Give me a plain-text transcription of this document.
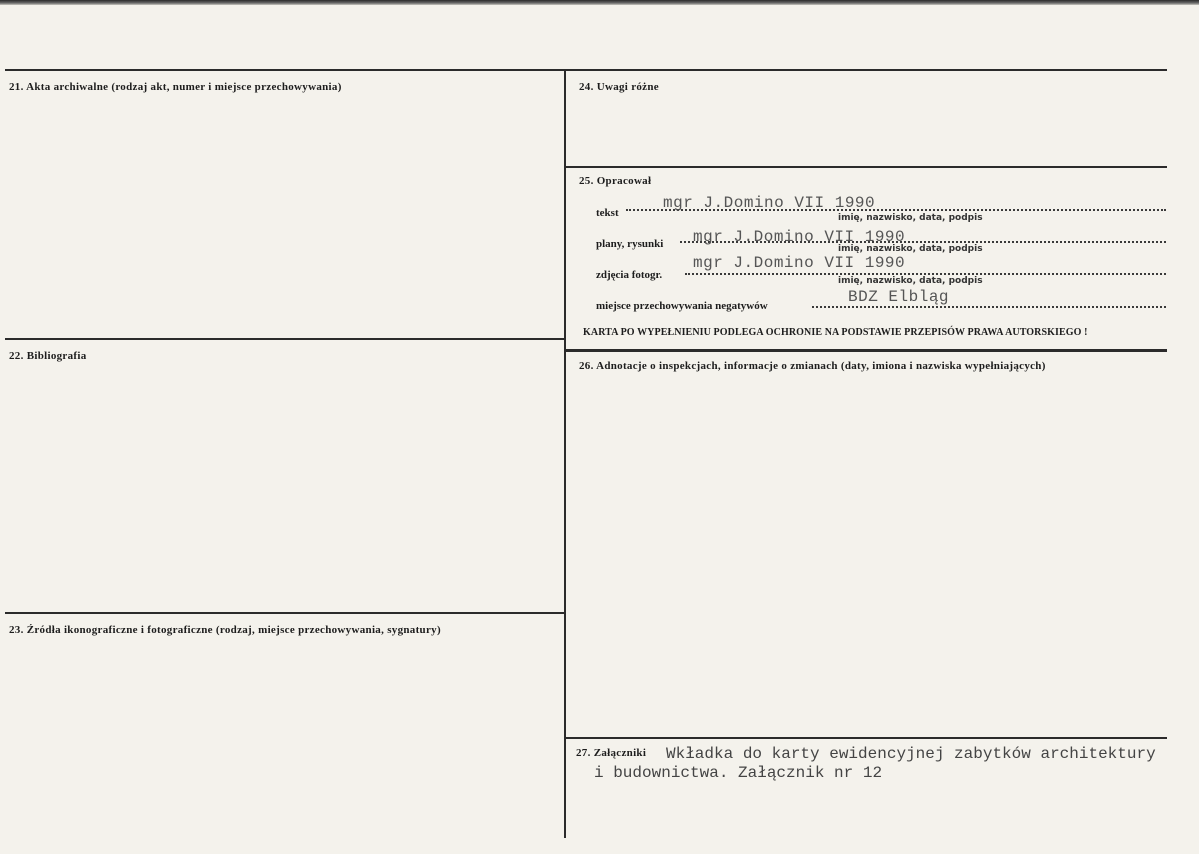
21. Akta archiwalne (rodzaj akt, numer i miejsce przechowywania)
22. Bibliografia
23. Źródła ikonograficzne i fotograficzne (rodzaj, miejsce przechowywania, sygnatury)
24. Uwagi różne
25. Opracował
tekst
mgr J.Domino VII 1990
imię, nazwisko, data, podpis
plany, rysunki mgr J.Domino VII 1990
imię, nazwisko, data, podpis
zdjęcia fotogr.
mgr J.Domino VII 1990
imię, nazwisko, data, podpis
miejsce przechowywania negatywów	BDZ Elbląg
KARTA PO WYPEŁNIENIU PODLEGA OCHRONIE NA PODSTAWIE PRZEPISÓW PRAWA AUTORSKIEGO !
26. Adnotacje o inspekcjach, informacje o zmianach (daty, imiona i nazwiska wypełniających)
27. Załączniki Wkładka do karty ewidencyjnej zabytków architektury
i budownictwa. Załącznik nr 12
